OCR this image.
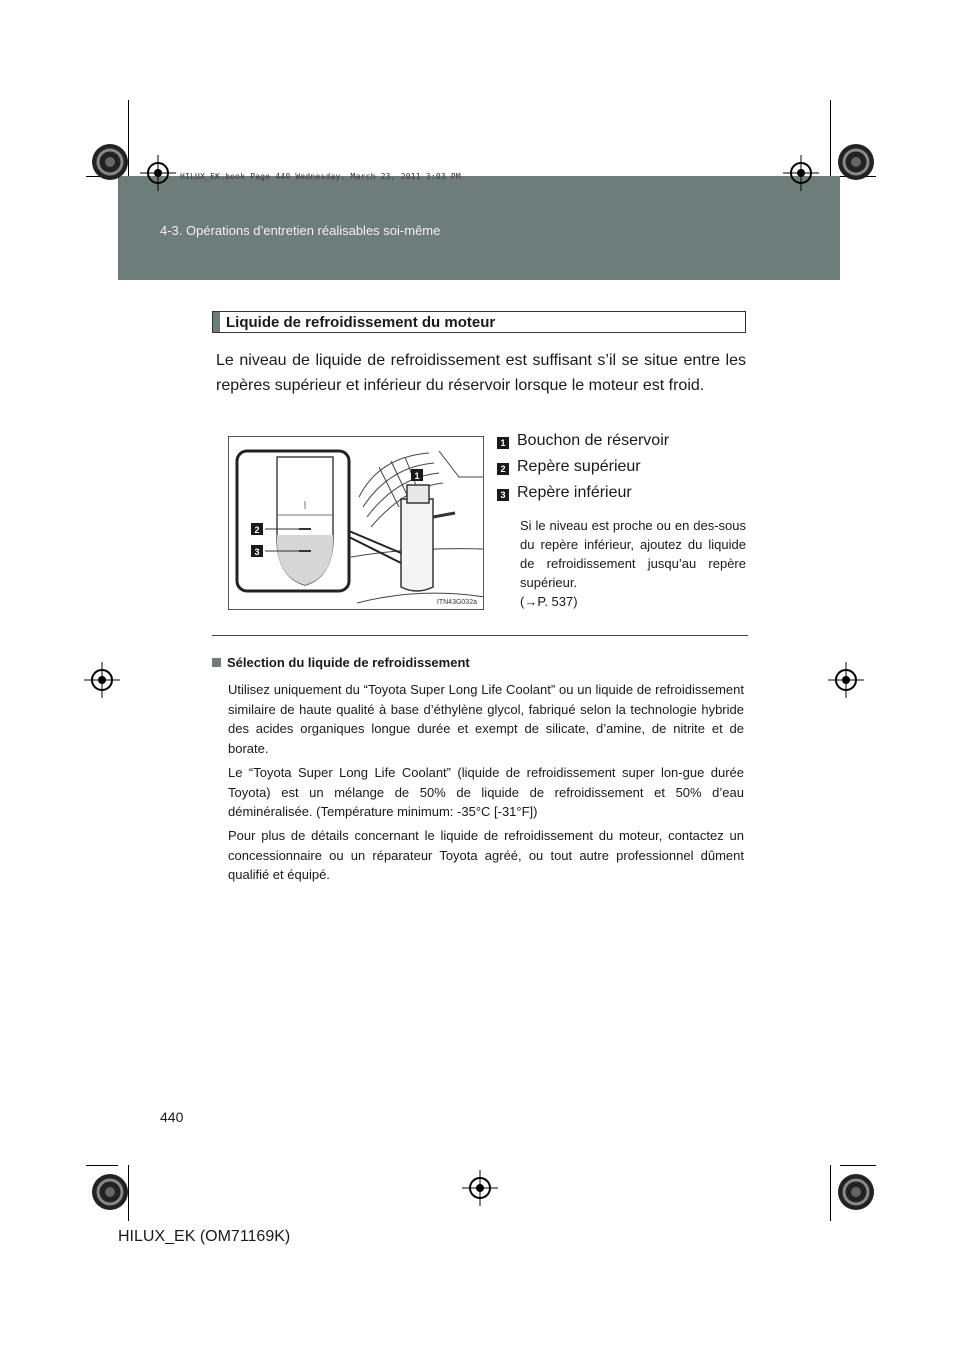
4-3. Opérations d’entretien réalisables soi-même
HILUX_EK.book Page 440 Wednesday, March 23, 2011 3:03 PM
Liquide de refroidissement du moteur
Le niveau de liquide de refroidissement est suffisant s’il se situe entre les repères supérieur et inférieur du réservoir lorsque le moteur est froid.
1
2
3
ITN43G032a
1 Bouchon de réservoir
2 Repère supérieur
3 Repère inférieur
Si le niveau est proche ou en des-sous du repère inférieur, ajoutez du liquide de refroidissement jusqu’au repère supérieur.
(→P. 537)
Sélection du liquide de refroidissement
Utilisez uniquement du “Toyota Super Long Life Coolant” ou un liquide de refroidissement similaire de haute qualité à base d’éthylène glycol, fabriqué selon la technologie hybride des acides organiques longue durée et exempt de silicate, d’amine, de nitrite et de borate.
Le “Toyota Super Long Life Coolant” (liquide de refroidissement super lon-gue durée Toyota) est un mélange de 50% de liquide de refroidissement et 50% d’eau déminéralisée. (Température minimum: -35°C [-31°F])
Pour plus de détails concernant le liquide de refroidissement du moteur, contactez un concessionnaire ou un réparateur Toyota agréé, ou tout autre professionnel dûment qualifié et équipé.
440
HILUX_EK (OM71169K)
